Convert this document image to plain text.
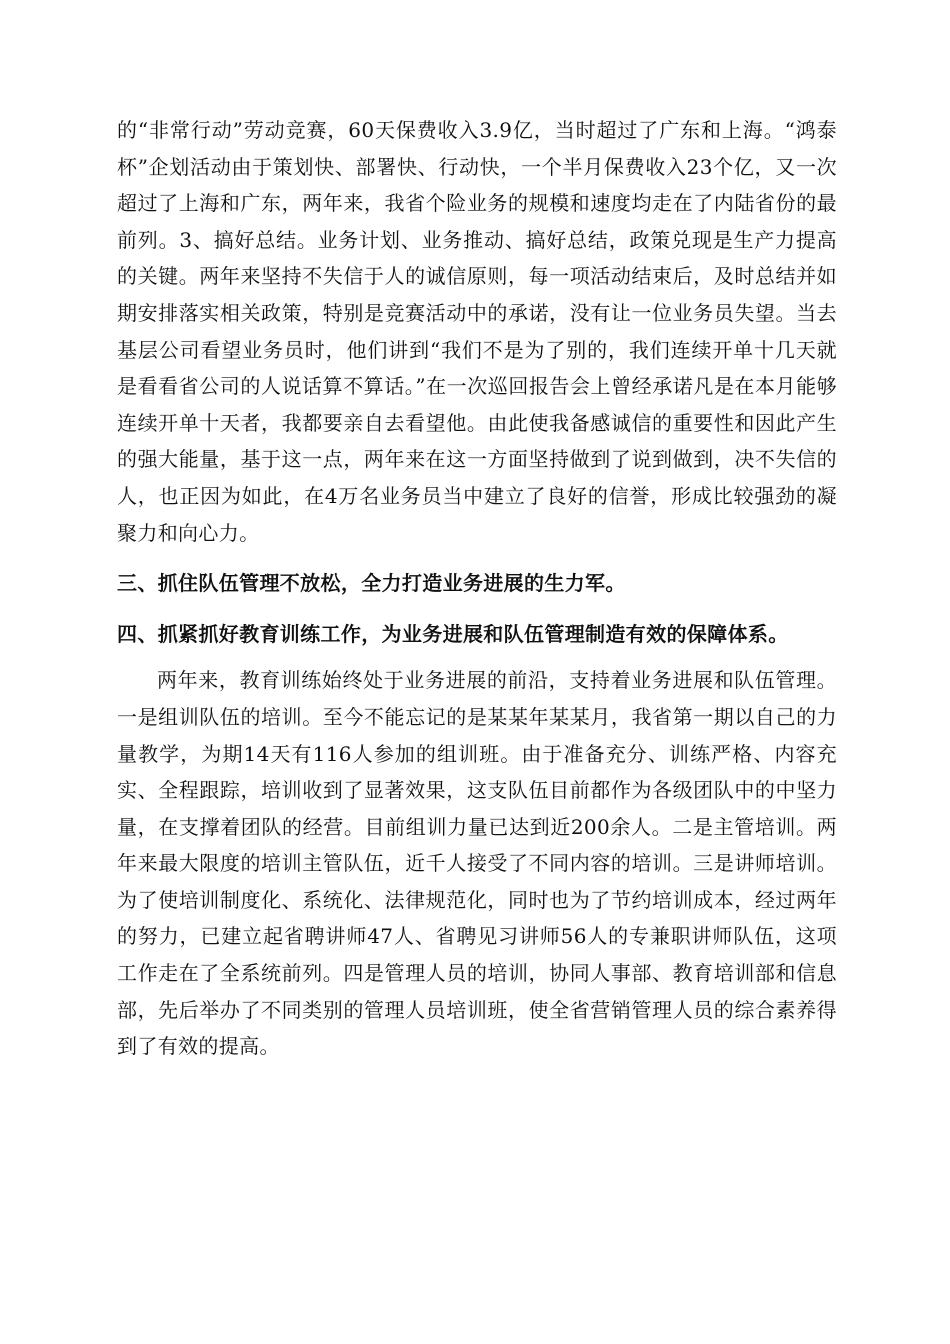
的“非常行动”劳动竞赛，60天保费收入3.9亿，当时超过了广东和上海。“鸿泰杯”企划活动由于策划快、部署快、行动快，一个半月保费收入23个亿，又一次超过了上海和广东，两年来，我省个险业务的规模和速度均走在了内陆省份的最前列。3、搞好总结。业务计划、业务推动、搞好总结，政策兑现是生产力提高的关键。两年来坚持不失信于人的诚信原则，每一项活动结束后，及时总结并如期安排落实相关政策，特别是竞赛活动中的承诺，没有让一位业务员失望。当去基层公司看望业务员时，他们讲到“我们不是为了别的，我们连续开单十几天就是看看省公司的人说话算不算话。”在一次巡回报告会上曾经承诺凡是在本月能够连续开单十天者，我都要亲自去看望他。由此使我备感诚信的重要性和因此产生的强大能量，基于这一点，两年来在这一方面坚持做到了说到做到，决不失信的人，也正因为如此，在4万名业务员当中建立了良好的信誉，形成比较强劲的凝聚力和向心力。

三、抓住队伍管理不放松，全力打造业务进展的生力军。

四、抓紧抓好教育训练工作，为业务进展和队伍管理制造有效的保障体系。

两年来，教育训练始终处于业务进展的前沿，支持着业务进展和队伍管理。一是组训队伍的培训。至今不能忘记的是某某年某某月，我省第一期以自己的力量教学，为期14天有116人参加的组训班。由于准备充分、训练严格、内容充实、全程跟踪，培训收到了显著效果，这支队伍目前都作为各级团队中的中坚力量，在支撑着团队的经营。目前组训力量已达到近200余人。二是主管培训。两年来最大限度的培训主管队伍，近千人接受了不同内容的培训。三是讲师培训。为了使培训制度化、系统化、法律规范化，同时也为了节约培训成本，经过两年的努力，已建立起省聘讲师47人、省聘见习讲师56人的专兼职讲师队伍，这项工作走在了全系统前列。四是管理人员的培训，协同人事部、教育培训部和信息部，先后举办了不同类别的管理人员培训班，使全省营销管理人员的综合素养得到了有效的提高。
